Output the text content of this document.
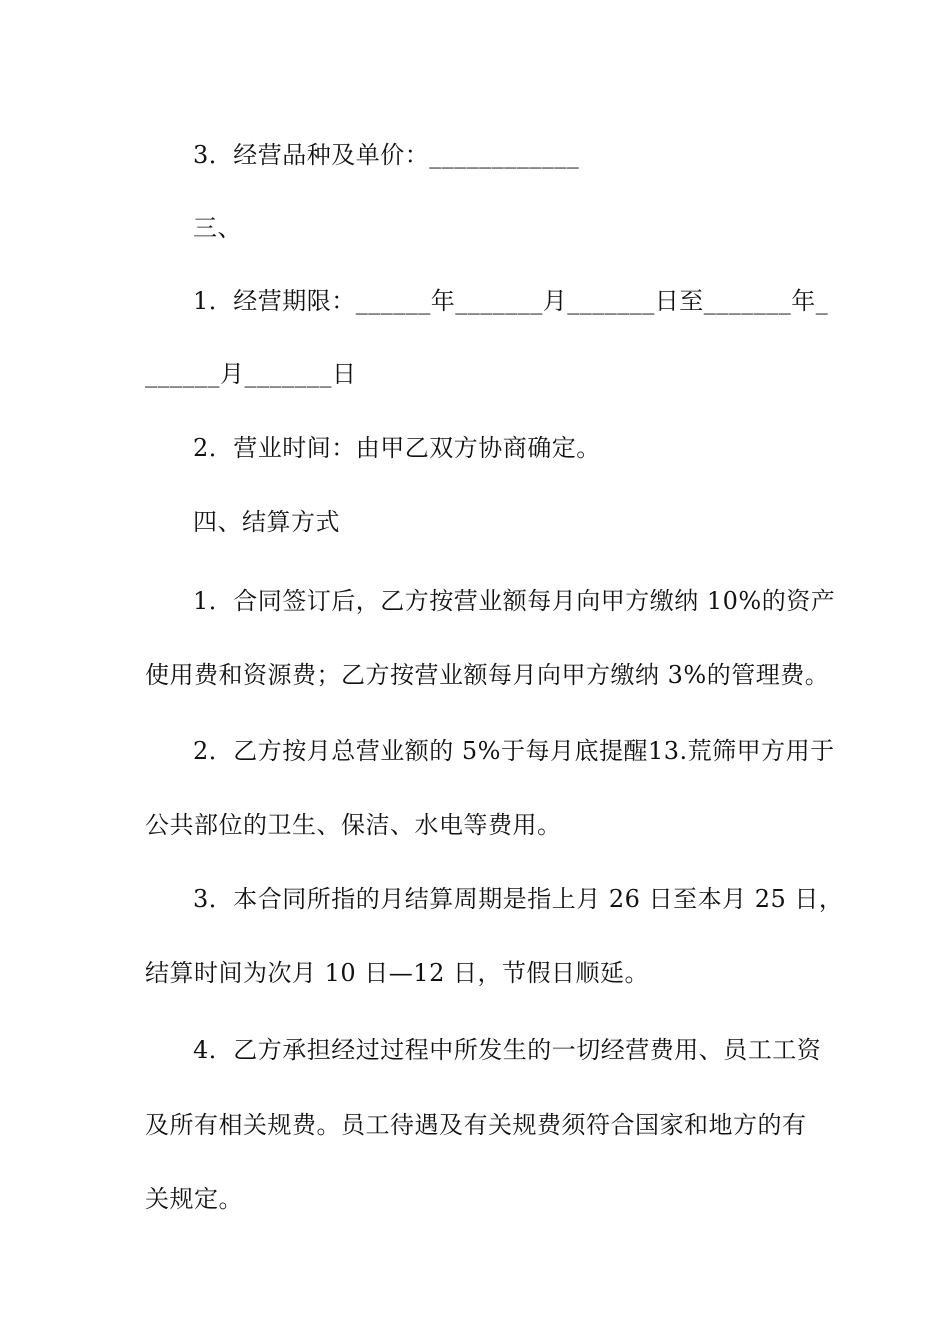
3．经营品种及单价：____________
三、
1．经营期限：______年_______月_______日至_______年_
______月_______日
2．营业时间：由甲乙双方协商确定。
四、结算方式
1．合同签订后，乙方按营业额每月向甲方缴纳 10%的资产
使用费和资源费；乙方按营业额每月向甲方缴纳 3%的管理费。
2．乙方按月总营业额的 5%于每月底提醒13.荒筛甲方用于
公共部位的卫生、保洁、水电等费用。
3．本合同所指的月结算周期是指上月 26 日至本月 25 日，
结算时间为次月 10 日—12 日，节假日顺延。
4．乙方承担经过过程中所发生的一切经营费用、员工工资
及所有相关规费。员工待遇及有关规费须符合国家和地方的有
关规定。
